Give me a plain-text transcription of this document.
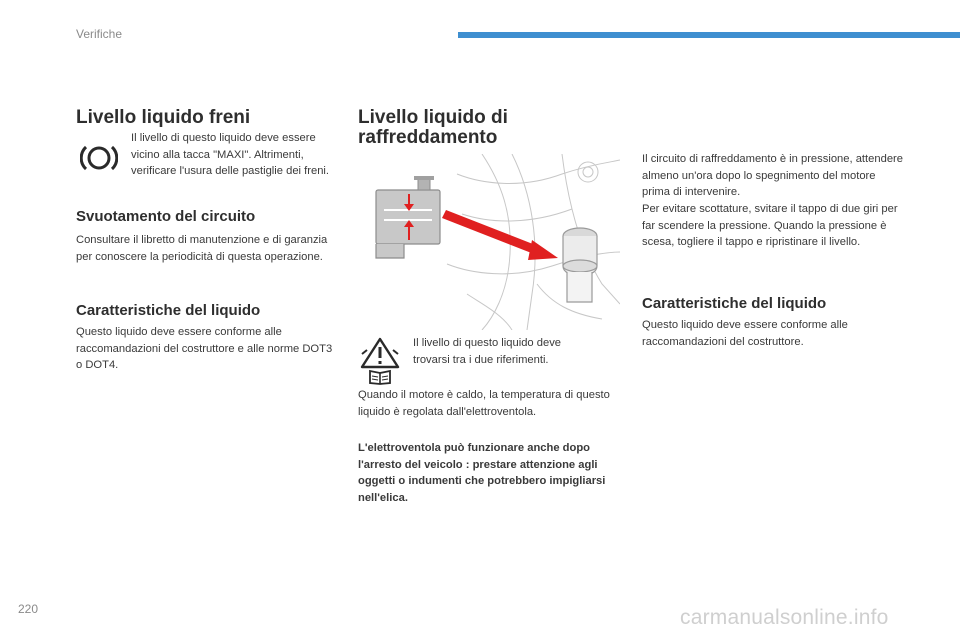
Verifiche
Livello liquido freni

Il livello di questo liquido deve essere vicino alla tacca "MAXI". Altrimenti, verificare l'usura delle pastiglie dei freni.

Svuotamento del circuito

Consultare il libretto di manutenzione e di garanzia per conoscere la periodicità di questa operazione.

Caratteristiche del liquido

Questo liquido deve essere conforme alle raccomandazioni del costruttore e alle norme DOT3 o DOT4.

Livello liquido di
raffreddamento

Il livello di questo liquido deve trovarsi tra i due riferimenti.

Quando il motore è caldo, la temperatura di questo liquido è regolata dall'elettroventola.

L'elettroventola può funzionare anche dopo l'arresto del veicolo : prestare attenzione agli oggetti o indumenti che potrebbero impigliarsi nell'elica.

Il circuito di raffreddamento è in pressione, attendere almeno un'ora dopo lo spegnimento del motore prima di intervenire.

Per evitare scottature, svitare il tappo di due giri per far scendere la pressione. Quando la pressione è scesa, togliere il tappo e ripristinare il livello.

Caratteristiche del liquido

Questo liquido deve essere conforme alle raccomandazioni del costruttore.

220	carmanualsonline.info
